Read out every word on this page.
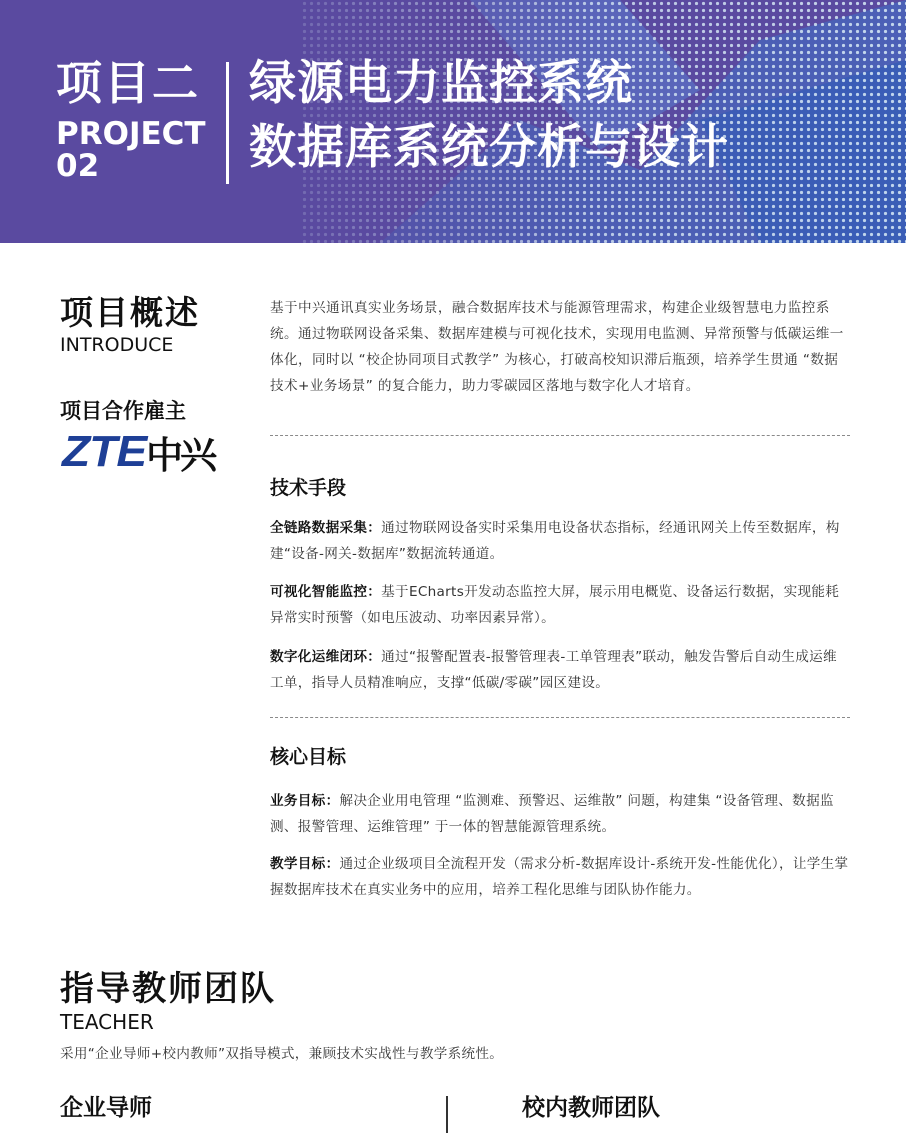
项目二
PROJECT
02
绿源电力监控系统
数据库系统分析与设计
项目概述
INTRODUCE
项目合作雇主
ZTE 中兴
基于中兴通讯真实业务场景，融合数据库技术与能源管理需求，构建企业级智慧电力监控系统。通过物联网设备采集、数据库建模与可视化技术，实现用电监测、异常预警与低碳运维一体化，同时以 “校企协同项目式教学” 为核心，打破高校知识滞后瓶颈，培养学生贯通 “数据技术+业务场景” 的复合能力，助力零碳园区落地与数字化人才培育。
技术手段
全链路数据采集：通过物联网设备实时采集用电设备状态指标，经通讯网关上传至数据库，构建“设备-网关-数据库”数据流转通道。
可视化智能监控：基于ECharts开发动态监控大屏，展示用电概览、设备运行数据，实现能耗异常实时预警（如电压波动、功率因素异常）。
数字化运维闭环：通过“报警配置表-报警管理表-工单管理表”联动，触发告警后自动生成运维工单，指导人员精准响应，支撑“低碳/零碳”园区建设。
核心目标
业务目标：解决企业用电管理 “监测难、预警迟、运维散” 问题，构建集 “设备管理、数据监测、报警管理、运维管理” 于一体的智慧能源管理系统。
教学目标：通过企业级项目全流程开发（需求分析-数据库设计-系统开发-性能优化），让学生掌握数据库技术在真实业务中的应用，培养工程化思维与团队协作能力。
指导教师团队
TEACHER
采用“企业导师+校内教师”双指导模式，兼顾技术实战性与教学系统性。
企业导师	校内教师团队
